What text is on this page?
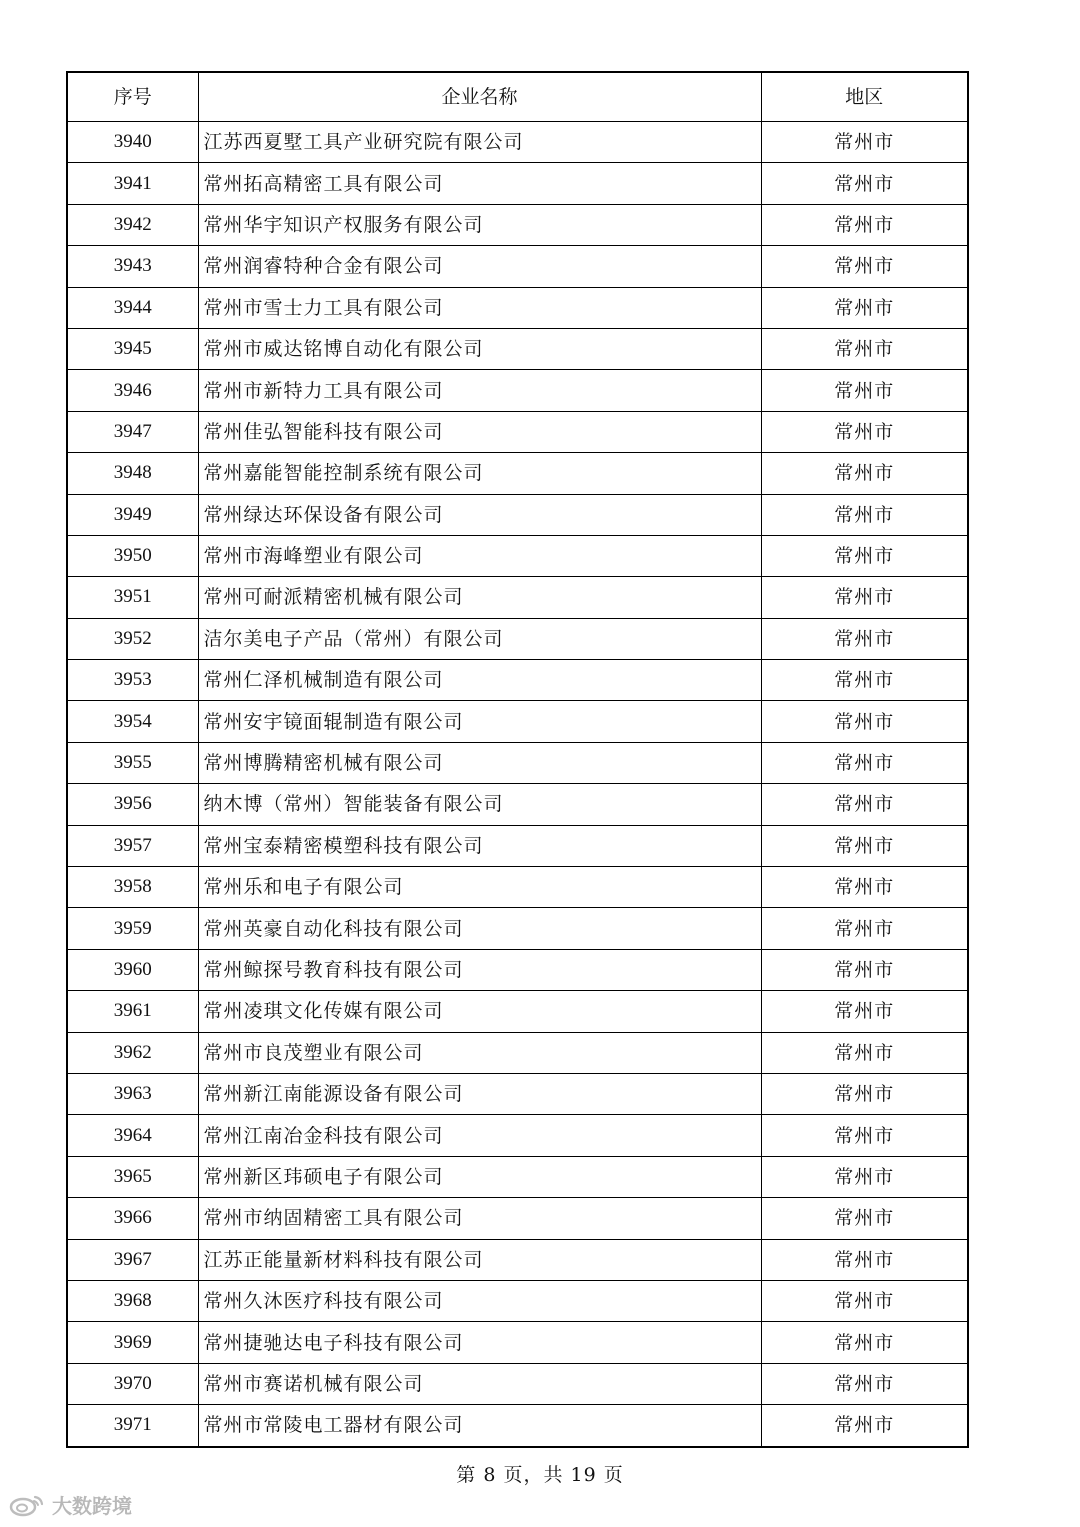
序号	企业名称	地区
3940	江苏西夏墅工具产业研究院有限公司	常州市
3941	常州拓高精密工具有限公司	常州市
3942	常州华宇知识产权服务有限公司	常州市
3943	常州润睿特种合金有限公司	常州市
3944	常州市雪士力工具有限公司	常州市
3945	常州市威达铭博自动化有限公司	常州市
3946	常州市新特力工具有限公司	常州市
3947	常州佳弘智能科技有限公司	常州市
3948	常州嘉能智能控制系统有限公司	常州市
3949	常州绿达环保设备有限公司	常州市
3950	常州市海峰塑业有限公司	常州市
3951	常州可耐派精密机械有限公司	常州市
3952	洁尔美电子产品（常州）有限公司	常州市
3953	常州仁泽机械制造有限公司	常州市
3954	常州安宇镜面辊制造有限公司	常州市
3955	常州博腾精密机械有限公司	常州市
3956	纳木博（常州）智能装备有限公司	常州市
3957	常州宝泰精密模塑科技有限公司	常州市
3958	常州乐和电子有限公司	常州市
3959	常州英豪自动化科技有限公司	常州市
3960	常州鲸探号教育科技有限公司	常州市
3961	常州凌琪文化传媒有限公司	常州市
3962	常州市良茂塑业有限公司	常州市
3963	常州新江南能源设备有限公司	常州市
3964	常州江南冶金科技有限公司	常州市
3965	常州新区玮硕电子有限公司	常州市
3966	常州市纳固精密工具有限公司	常州市
3967	江苏正能量新材料科技有限公司	常州市
3968	常州久沐医疗科技有限公司	常州市
3969	常州捷驰达电子科技有限公司	常州市
3970	常州市赛诺机械有限公司	常州市
3971	常州市常陵电工器材有限公司	常州市
第 8 页，共 19 页
大数跨境
